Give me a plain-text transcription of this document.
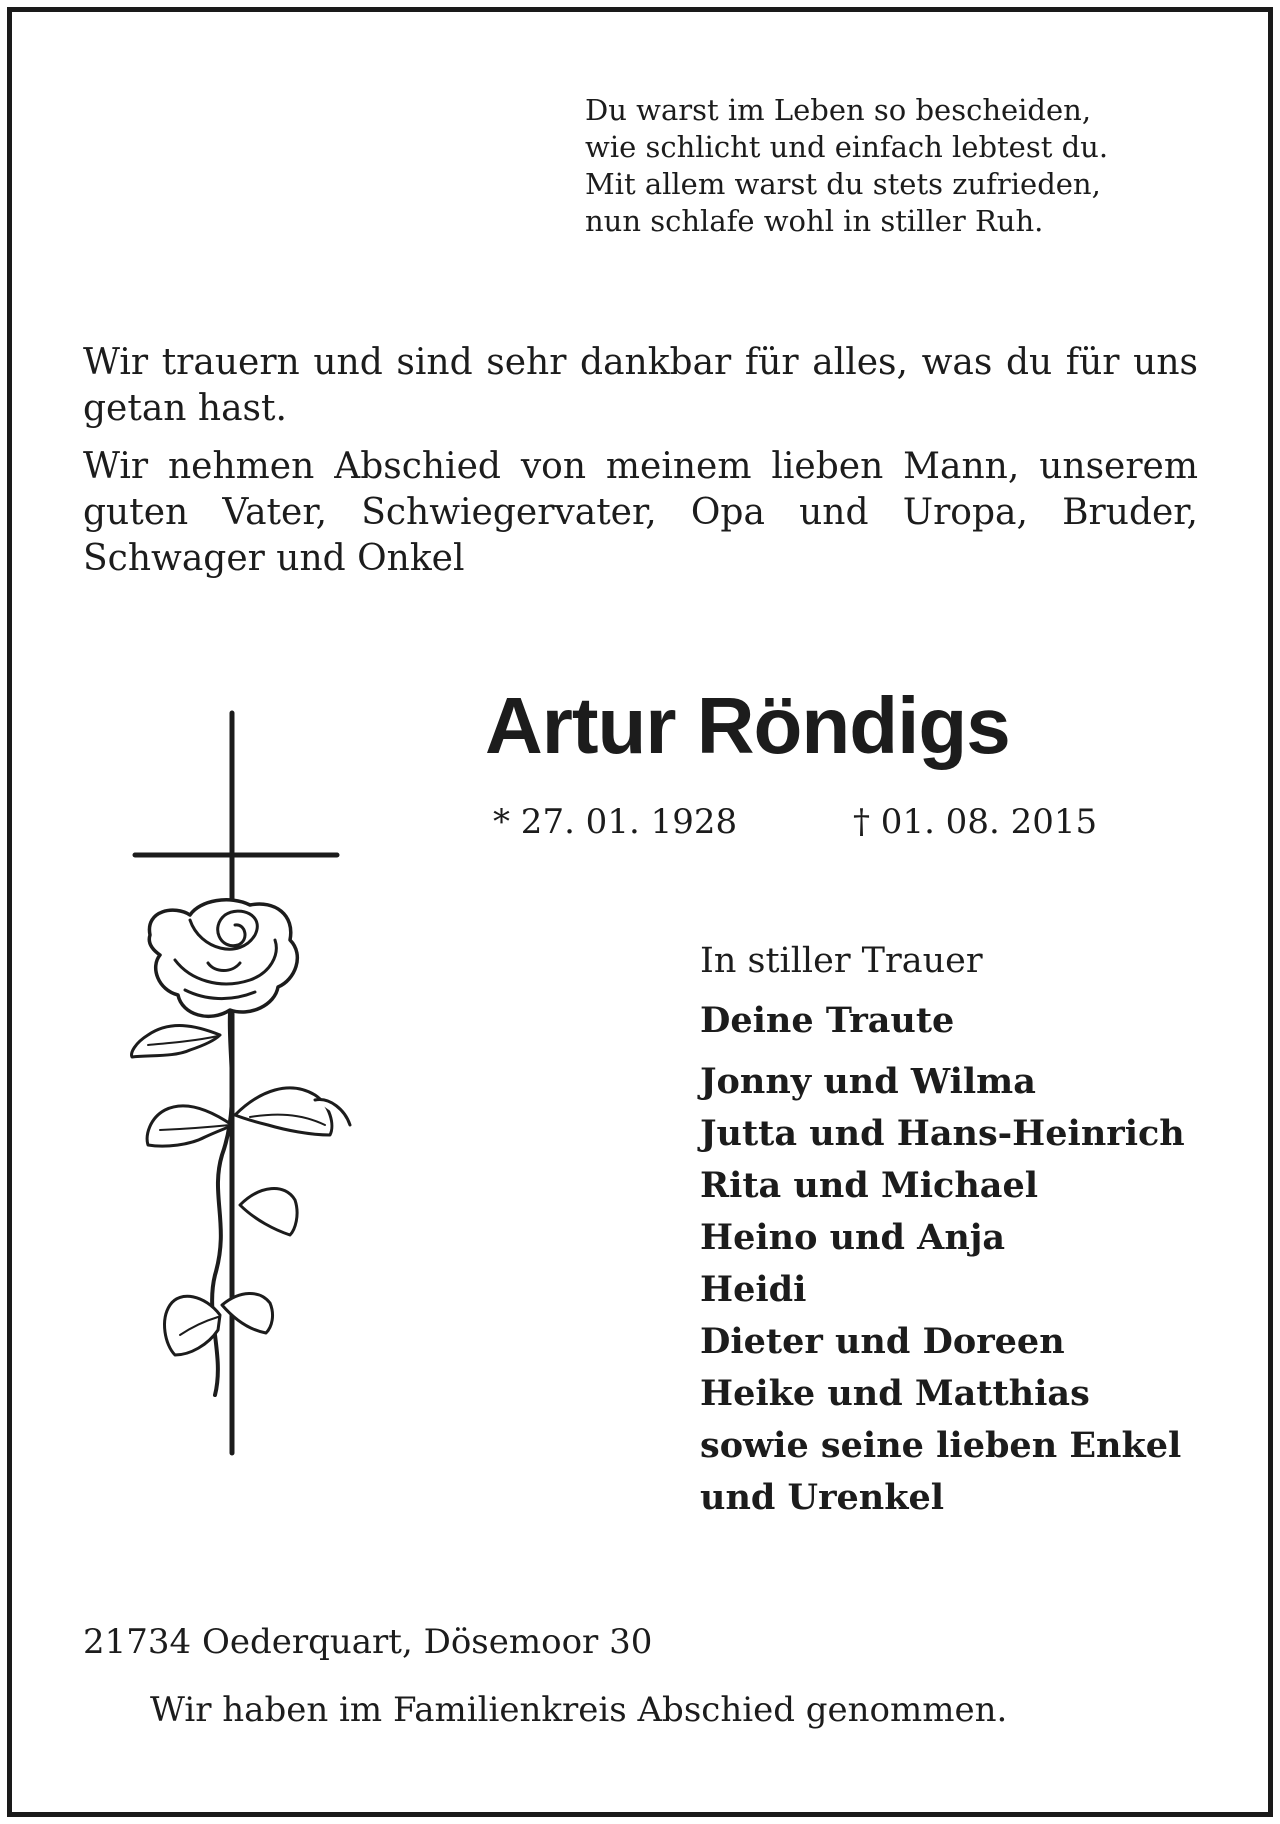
Du warst im Leben so bescheiden,
wie schlicht und einfach lebtest du.
Mit allem warst du stets zufrieden,
nun schlafe wohl in stiller Ruh.

Wir trauern und sind sehr dankbar für alles, was du für uns getan hast.

Wir nehmen Abschied von meinem lieben Mann, unserem guten Vater, Schwiegervater, Opa und Uropa, Bruder, Schwager und Onkel

Artur Röndigs
* 27. 01. 1928	† 01. 08. 2015
In stiller Trauer
Deine Traute
Jonny und Wilma
Jutta und Hans-Heinrich
Rita und Michael
Heino und Anja
Heidi
Dieter und Doreen
Heike und Matthias
sowie seine lieben Enkel
und Urenkel
21734 Oederquart, Dösemoor 30
Wir haben im Familienkreis Abschied genommen.
